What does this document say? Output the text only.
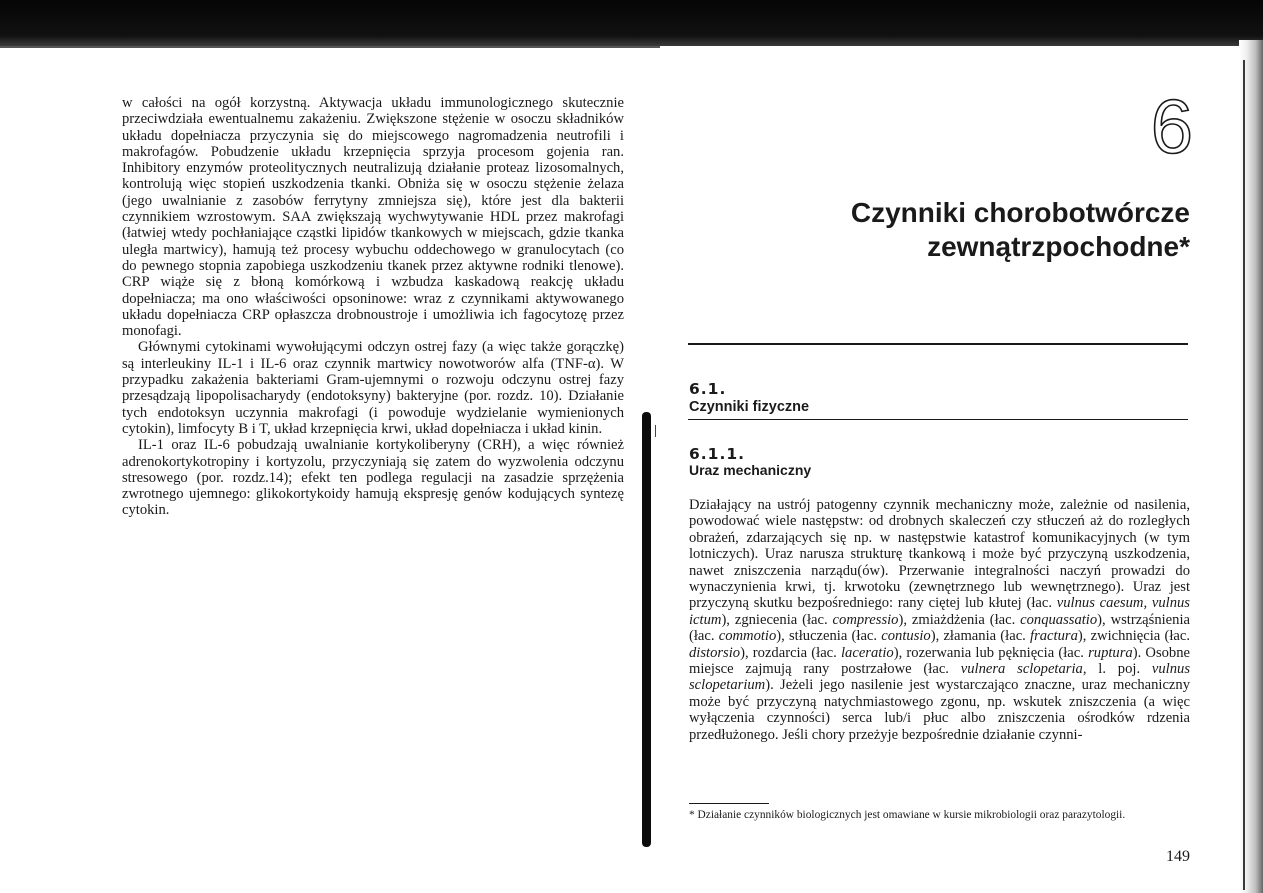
w całości na ogół korzystną. Aktywacja układu immunologicznego skutecznie przeciwdziała ewentualnemu zakażeniu. Zwiększone stężenie w osoczu składników układu dopełniacza przyczynia się do miejscowego nagromadzenia neutrofili i makrofagów. Pobudzenie układu krzepnięcia sprzyja procesom gojenia ran. Inhibitory enzymów proteolitycznych neutralizują działanie proteaz lizosomalnych, kontrolują więc stopień uszkodzenia tkanki. Obniża się w osoczu stężenie żelaza (jego uwalnianie z zasobów ferrytyny zmniejsza się), które jest dla bakterii czynnikiem wzrostowym. SAA zwiększają wychwytywanie HDL przez makrofagi (łatwiej wtedy pochłaniające cząstki lipidów tkankowych w miejscach, gdzie tkanka uległa martwicy), hamują też procesy wybuchu oddechowego w granulocytach (co do pewnego stopnia zapobiega uszkodzeniu tkanek przez aktywne rodniki tlenowe). CRP wiąże się z błoną komórkową i wzbudza kaskadową reakcję układu dopełniacza; ma ono właściwości opsoninowe: wraz z czynnikami aktywowanego układu dopełniacza CRP opłaszcza drobnoustroje i umożliwia ich fagocytozę przez monofagi.

Głównymi cytokinami wywołującymi odczyn ostrej fazy (a więc także gorączkę) są interleukiny IL-1 i IL-6 oraz czynnik martwicy nowotworów alfa (TNF-α). W przypadku zakażenia bakteriami Gram-ujemnymi o rozwoju odczynu ostrej fazy przesądzają lipopolisacharydy (endotoksyny) bakteryjne (por. rozdz. 10). Działanie tych endotoksyn uczynnia makrofagi (i powoduje wydzielanie wymienionych cytokin), limfocyty B i T, układ krzepnięcia krwi, układ dopełniacza i układ kinin.

IL-1 oraz IL-6 pobudzają uwalnianie kortykoliberyny (CRH), a więc również adrenokortykotropiny i kortyzolu, przyczyniają się zatem do wyzwolenia odczynu stresowego (por. rozdz.14); efekt ten podlega regulacji na zasadzie sprzężenia zwrotnego ujemnego: glikokortykoidy hamują ekspresję genów kodujących syntezę cytokin.

6
Czynniki chorobotwórcze
zewnątrzpochodne*
6.1.
Czynniki fizyczne
6.1.1.
Uraz mechaniczny

Działający na ustrój patogenny czynnik mechaniczny może, zależnie od nasilenia, powodować wiele następstw: od drobnych skaleczeń czy stłuczeń aż do rozległych obrażeń, zdarzających się np. w następstwie katastrof komunikacyjnych (w tym lotniczych). Uraz narusza strukturę tkankową i może być przyczyną uszkodzenia, nawet zniszczenia narządu(ów). Przerwanie integralności naczyń prowadzi do wynaczynienia krwi, tj. krwotoku (zewnętrznego lub wewnętrznego). Uraz jest przyczyną skutku bezpośredniego: rany ciętej lub kłutej (łac. vulnus caesum, vulnus ictum), zgniecenia (łac. compressio), zmiażdżenia (łac. conquassatio), wstrząśnienia (łac. commotio), stłuczenia (łac. contusio), złamania (łac. fractura), zwichnięcia (łac. distorsio), rozdarcia (łac. laceratio), rozerwania lub pęknięcia (łac. ruptura). Osobne miejsce zajmują rany postrzałowe (łac. vulnera sclopetaria, l. poj. vulnus sclopetarium). Jeżeli jego nasilenie jest wystarczająco znaczne, uraz mechaniczny może być przyczyną natychmiastowego zgonu, np. wskutek zniszczenia (a więc wyłączenia czynności) serca lub/i płuc albo zniszczenia ośrodków rdzenia przedłużonego. Jeśli chory przeżyje bezpośrednie działanie czynni-

* Działanie czynników biologicznych jest omawiane w kursie mikrobiologii oraz parazytologii.
149
